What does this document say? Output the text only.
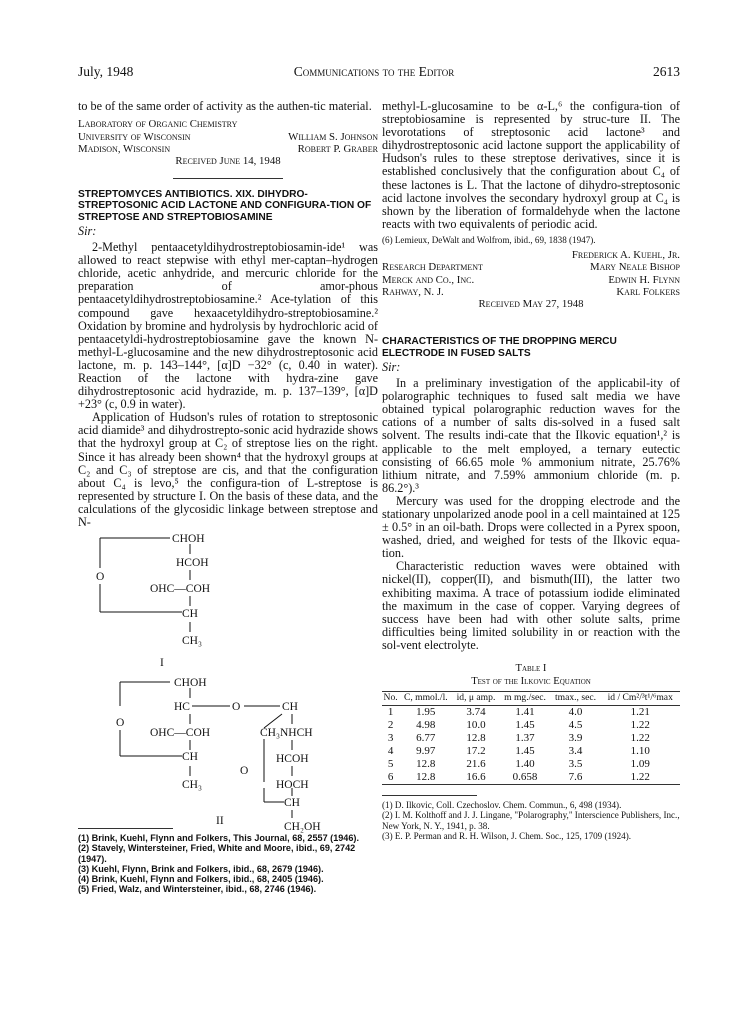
July, 1948	Communications to the Editor	2613

to be of the same order of activity as the authen-tic material.

Laboratory of Organic Chemistry
University of Wisconsin	William S. Johnson
Madison, Wisconsin	Robert P. Graber
Received June 14, 1948
STREPTOMYCES ANTIBIOTICS. XIX. DIHYDRO-STREPTOSONIC ACID LACTONE AND CONFIGURA-TION OF STREPTOSE AND STREPTOBIOSAMINE
Sir:

2-Methyl pentaacetyldihydrostreptobiosamin-ide¹ was allowed to react stepwise with ethyl mer-captan–hydrogen chloride, acetic anhydride, and mercuric chloride for the preparation of amor-phous pentaacetyldihydrostreptobiosamine.² Ace-tylation of this compound gave hexaacetyldihydro-streptobiosamine.² Oxidation by bromine and hydrolysis by hydrochloric acid of pentaacetyldi-hydrostreptobiosamine gave the known N-methyl-L-glucosamine and the new dihydrostreptosonic acid lactone, m. p. 143–144°, [α]D −32° (c, 0.40 in water). Reaction of the lactone with hydra-zine gave dihydrostreptosonic acid hydrazide, m. p. 137–139°, [α]D +23° (c, 0.9 in water).

Application of Hudson's rules of rotation to streptosonic acid diamide³ and dihydrostrepto-sonic acid hydrazide shows that the hydroxyl group at C₂ of streptose lies on the right. Since it has already been shown⁴ that the hydroxyl groups at C₂ and C₃ of streptose are cis, and that the configuration about C₄ is levo,⁵ the configura-tion of L-streptose is represented by structure I. On the basis of these data, and the calculations of the glycosidic linkage between streptose and N-

CHOH
HCOH
O
OHC—COH
CH
CH₃
I
CHOH
HC	O	CH
O
OHC—COH	CH₃NHCH
CH	HCOH
O
CH₃	HOCH
CH
CH₂OH
II
(1) Brink, Kuehl, Flynn and Folkers, This Journal, 68, 2557 (1946).
(2) Stavely, Wintersteiner, Fried, White and Moore, ibid., 69, 2742 (1947).
(3) Kuehl, Flynn, Brink and Folkers, ibid., 68, 2679 (1946).
(4) Brink, Kuehl, Flynn and Folkers, ibid., 68, 2405 (1946).
(5) Fried, Walz, and Wintersteiner, ibid., 68, 2746 (1946).

methyl-L-glucosamine to be α-L,⁶ the configura-tion of streptobiosamine is represented by struc-ture II. The levorotations of streptosonic acid lactone³ and dihydrostreptosonic acid lactone support the applicability of Hudson's rules to these streptose derivatives, since it is established conclusively that the configuration about C₄ of these lactones is L. That the lactone of dihydro-streptosonic acid lactone involves the secondary hydroxyl group at C₄ is shown by the liberation of formaldehyde when the lactone reacts with two equivalents of periodic acid.

(6) Lemieux, DeWalt and Wolfrom, ibid., 69, 1838 (1947).
Frederick A. Kuehl, Jr.
Research Department	Mary Neale Bishop
Merck and Co., Inc.	Edwin H. Flynn
Rahway, N. J.	Karl Folkers
Received May 27, 1948
CHARACTERISTICS OF THE DROPPING MERCU ELECTRODE IN FUSED SALTS
Sir:

In a preliminary investigation of the applicabil-ity of polarographic techniques to fused salt media we have obtained typical polarographic reduction waves for the cations of a number of salts dis-solved in a fused salt solvent. The results indi-cate that the Ilkovic equation¹,² is applicable to the melt employed, a ternary eutectic consisting of 66.65 mole % ammonium nitrate, 25.76% lithium nitrate, and 7.59% ammonium chloride (m. p. 86.2°).³

Mercury was used for the dropping electrode and the stationary unpolarized anode pool in a cell maintained at 125 ± 0.5° in an oil-bath. Drops were collected in a Pyrex spoon, washed, dried, and weighed for tests of the Ilkovic equa-tion.

Characteristic reduction waves were obtained with nickel(II), copper(II), and bismuth(III), the latter two exhibiting maxima. A trace of potassium iodide eliminated the maximum in the case of copper. Varying degrees of success have been had with other solute salts, prime difficulties being limited solubility in or reaction with the sol-vent electrolyte.

Table I
Test of the Ilkovic Equation
No.	C, mmol./l.	id, μ amp.	m mg./sec.	tmax., sec.	id / Cm²/³t¹/⁶max
1	1.95	3.74	1.41	4.0	1.21
2	4.98	10.0	1.45	4.5	1.22
3	6.77	12.8	1.37	3.9	1.22
4	9.97	17.2	1.45	3.4	1.10
5	12.8	21.6	1.40	3.5	1.09
6	12.8	16.6	0.658	7.6	1.22
(1) D. Ilkovic, Coll. Czechoslov. Chem. Commun., 6, 498 (1934).
(2) I. M. Kolthoff and J. J. Lingane, "Polarography," Interscience Publishers, Inc., New York, N. Y., 1941, p. 38.
(3) E. P. Perman and R. H. Wilson, J. Chem. Soc., 125, 1709 (1924).
